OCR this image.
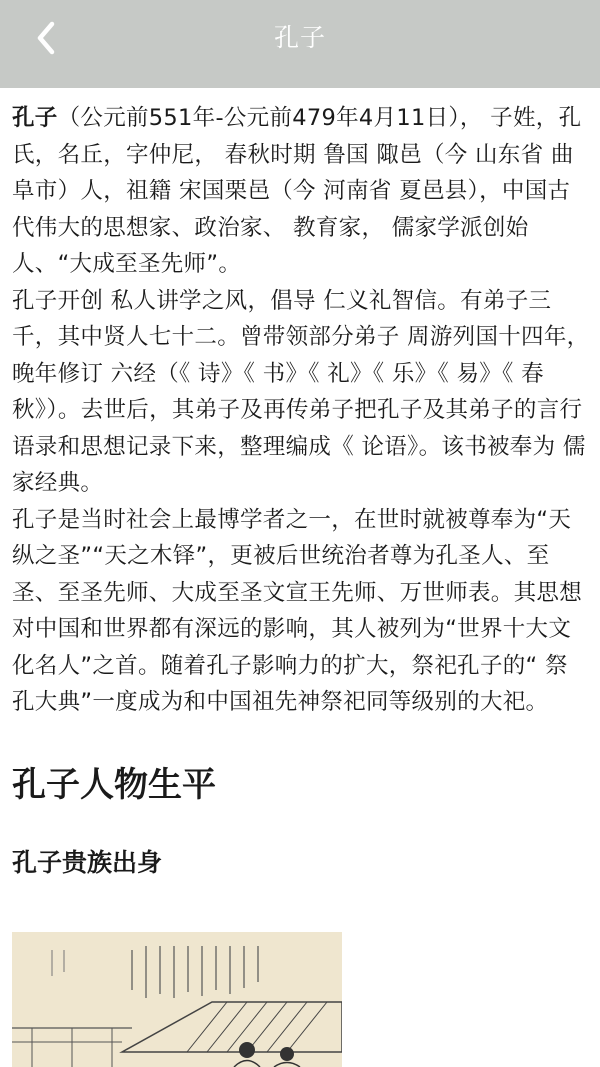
孔子

孔子（公元前551年-公元前479年4月11日）， 子姓，孔氏，名丘，字仲尼， 春秋时期 鲁国 陬邑（今 山东省 曲阜市）人，祖籍 宋国栗邑（今 河南省 夏邑县），中国古代伟大的思想家、政治家、 教育家， 儒家学派创始人、“大成至圣先师”。

孔子开创 私人讲学之风，倡导 仁义礼智信。有弟子三千，其中贤人七十二。曾带领部分弟子 周游列国十四年，晚年修订 六经（《 诗》《 书》《 礼》《 乐》《 易》《 春秋》）。去世后，其弟子及再传弟子把孔子及其弟子的言行语录和思想记录下来，整理编成《 论语》。该书被奉为 儒家经典。

孔子是当时社会上最博学者之一，在世时就被尊奉为“天纵之圣”“天之木铎”，更被后世统治者尊为孔圣人、至圣、至圣先师、大成至圣文宣王先师、万世师表。其思想对中国和世界都有深远的影响，其人被列为“世界十大文化名人”之首。随着孔子影响力的扩大，祭祀孔子的“ 祭孔大典”一度成为和中国祖先神祭祀同等级别的大祀。

孔子人物生平
孔子贵族出身
